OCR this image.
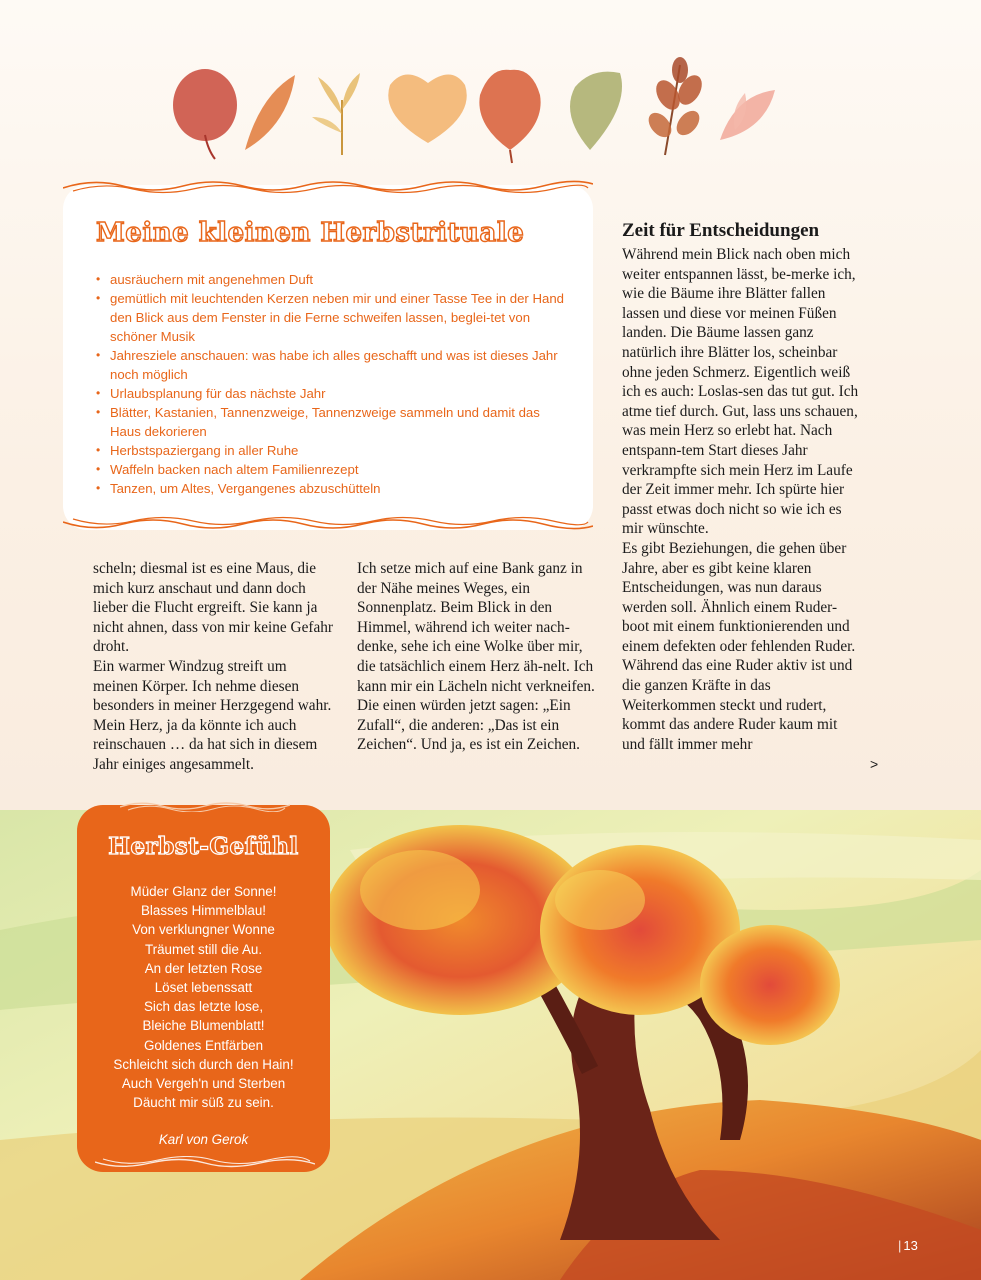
Meine kleinen Herbstrituale
• ausräuchern mit angenehmen Duft
• gemütlich mit leuchtenden Kerzen neben mir und einer Tasse Tee in der Hand den Blick aus dem Fenster in die Ferne schweifen lassen, beglei-tet von schöner Musik
• Jahresziele anschauen: was habe ich alles geschafft und was ist dieses Jahr noch möglich
• Urlaubsplanung für das nächste Jahr
• Blätter, Kastanien, Tannenzweige, Tannenzweige sammeln und damit das Haus dekorieren
• Herbstspaziergang in aller Ruhe
• Waffeln backen nach altem Familienrezept
• Tanzen, um Altes, Vergangenes abzuschütteln

scheln; diesmal ist es eine Maus, die mich kurz anschaut und dann doch lieber die Flucht ergreift. Sie kann ja nicht ahnen, dass von mir keine Gefahr droht.

Ein warmer Windzug streift um meinen Körper. Ich nehme diesen besonders in meiner Herzgegend wahr. Mein Herz, ja da könnte ich auch reinschauen … da hat sich in diesem Jahr einiges angesammelt.

Ich setze mich auf eine Bank ganz in der Nähe meines Weges, ein Sonnenplatz. Beim Blick in den Himmel, während ich weiter nach-denke, sehe ich eine Wolke über mir, die tatsächlich einem Herz äh-nelt. Ich kann mir ein Lächeln nicht verkneifen. Die einen würden jetzt sagen: „Ein Zufall“, die anderen: „Das ist ein Zeichen“. Und ja, es ist ein Zeichen.

Zeit für Entscheidungen

Während mein Blick nach oben mich weiter entspannen lässt, be-merke ich, wie die Bäume ihre Blätter fallen lassen und diese vor meinen Füßen landen. Die Bäume lassen ganz natürlich ihre Blätter los, scheinbar ohne jeden Schmerz. Eigentlich weiß ich es auch: Loslas-sen das tut gut. Ich atme tief durch. Gut, lass uns schauen, was mein Herz so erlebt hat. Nach entspann-tem Start dieses Jahr verkrampfte sich mein Herz im Laufe der Zeit immer mehr. Ich spürte hier passt etwas doch nicht so wie ich es mir wünschte.

Es gibt Beziehungen, die gehen über Jahre, aber es gibt keine klaren Entscheidungen, was nun daraus werden soll. Ähnlich einem Ruder-boot mit einem funktionierenden und einem defekten oder fehlenden Ruder. Während das eine Ruder aktiv ist und die ganzen Kräfte in das Weiterkommen steckt und rudert, kommt das andere Ruder kaum mit und fällt immer mehr

>
Herbst-Gefühl
Müder Glanz der Sonne!
Blasses Himmelblau!
Von verklungner Wonne
Träumet still die Au.
An der letzten Rose
Löset lebenssatt
Sich das letzte lose,
Bleiche Blumenblatt!
Goldenes Entfärben
Schleicht sich durch den Hain!
Auch Vergeh'n und Sterben
Däucht mir süß zu sein.

Karl von Gerok

| 13
